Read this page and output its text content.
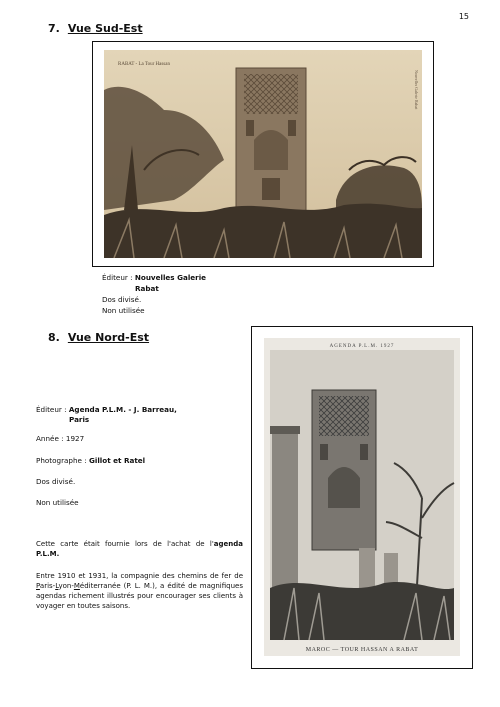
15
7. Vue Sud-Est
RABAT - La Tour Hassan
Nouvelles Galerie Rabat
Éditeur : Nouvelles Galerie
Rabat
Dos divisé.
Non utilisée
8. Vue Nord-Est
Éditeur : Agenda P.L.M. - J. Barreau,
Paris
Année : 1927
Photographe : Gillot et Ratel
Dos divisé.
Non utilisée
Cette carte était fournie lors de l'achat de l'agenda P.L.M.
Entre 1910 et 1931, la compagnie des chemins de fer de Paris-Lyon-Méditerranée (P. L. M.), a édité de magnifiques agendas richement illustrés pour encourager ses clients à voyager en toutes saisons.
AGENDA P.L.M. 1927
MAROC — TOUR HASSAN A RABAT
